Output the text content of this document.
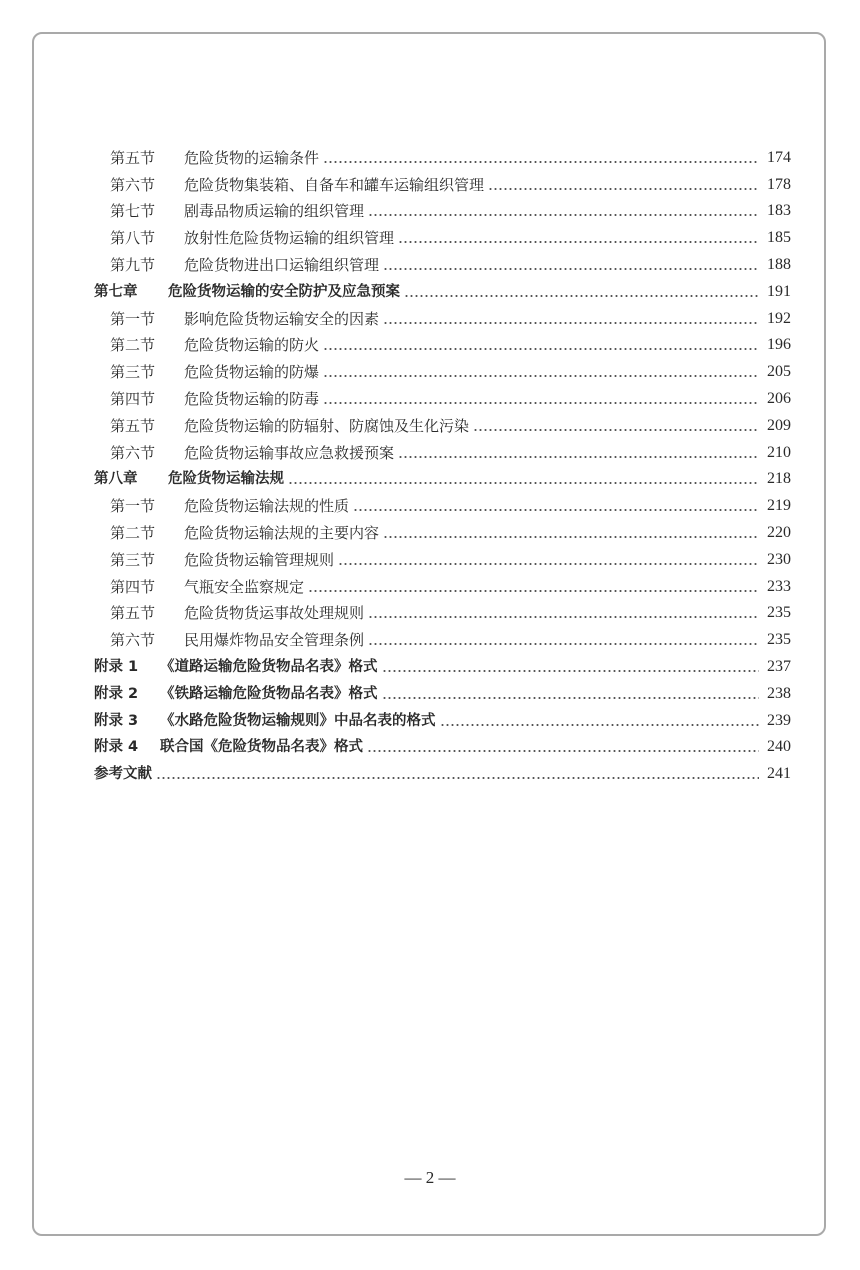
第五节	危险货物的运输条件	174
第六节	危险货物集装箱、自备车和罐车运输组织管理	178
第七节	剧毒品物质运输的组织管理	183
第八节	放射性危险货物运输的组织管理	185
第九节	危险货物进出口运输组织管理	188
第七章	危险货物运输的安全防护及应急预案	191
第一节	影响危险货物运输安全的因素	192
第二节	危险货物运输的防火	196
第三节	危险货物运输的防爆	205
第四节	危险货物运输的防毒	206
第五节	危险货物运输的防辐射、防腐蚀及生化污染	209
第六节	危险货物运输事故应急救援预案	210
第八章	危险货物运输法规	218
第一节	危险货物运输法规的性质	219
第二节	危险货物运输法规的主要内容	220
第三节	危险货物运输管理规则	230
第四节	气瓶安全监察规定	233
第五节	危险货物货运事故处理规则	235
第六节	民用爆炸物品安全管理条例	235
附录 1	《道路运输危险货物品名表》格式	237
附录 2	《铁路运输危险货物品名表》格式	238
附录 3	《水路危险货物运输规则》中品名表的格式	239
附录 4	联合国《危险货物品名表》格式	240
参考文献	241
— 2 —
